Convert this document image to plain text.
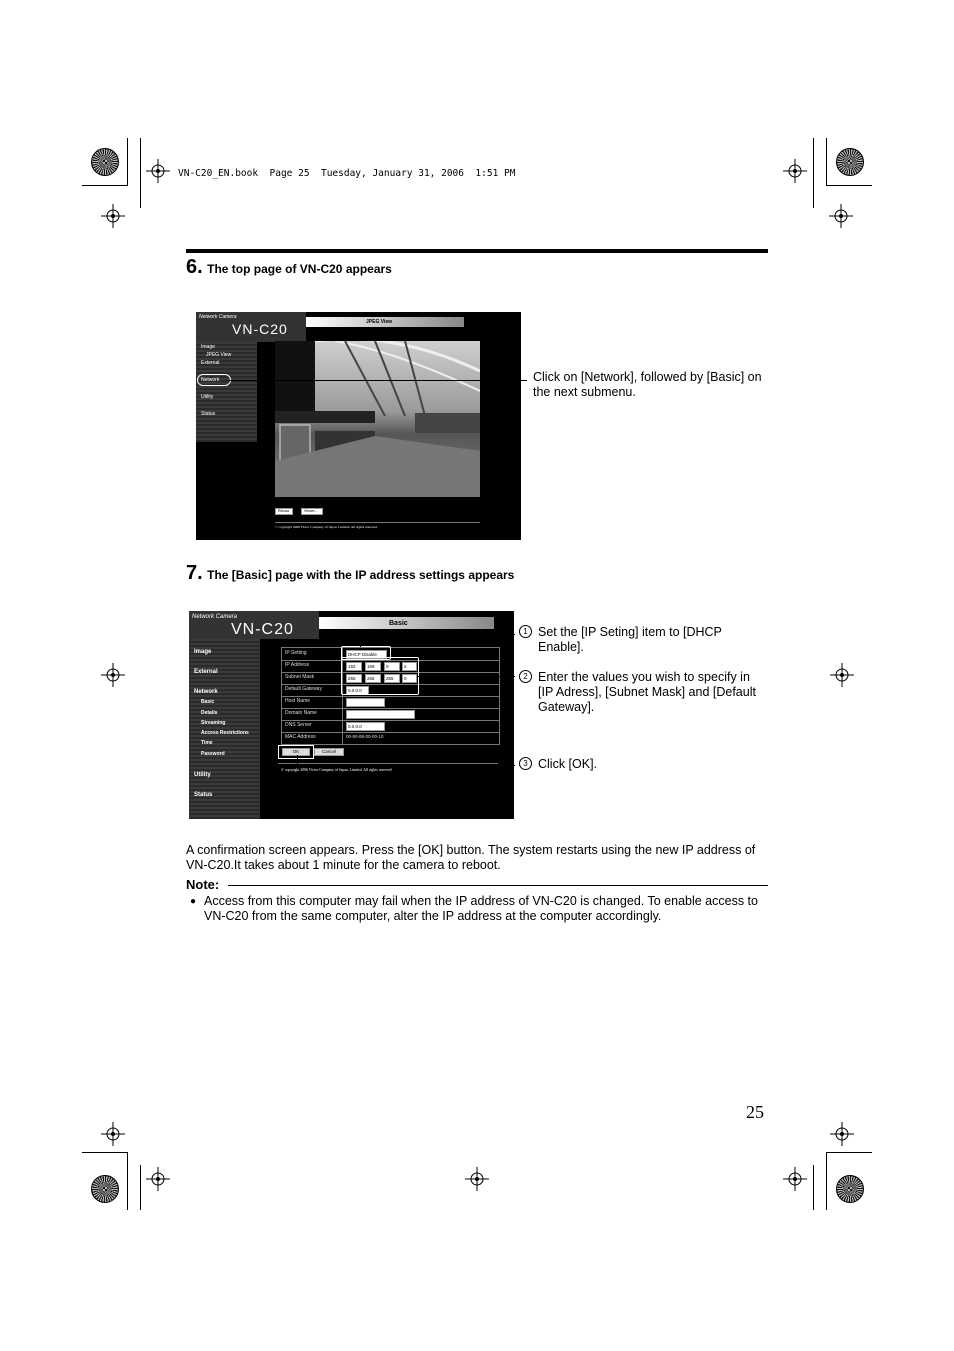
VN-C20_EN.book  Page 25  Tuesday, January 31, 2006  1:51 PM
6. The top page of VN-C20 appears
Network Camera
VN-C20	JPEG View
Image
JPEG View
External
Network
Utility
Status
Reload	Viewer...
© copyright 2006 Victor Company of Japan, Limited. All rights reserved
Click on [Network], followed by [Basic] on the next submenu.
7. The [Basic] page with the IP address settings appears
Network Camera
VN-C20	Basic
Image
External
Network
Basic
Details
Streaming
Access Restrictions
Time
Password
Utility
Status
IP Setting	DHCP Disable
IP Address	192	168	0	2
Subnet Mask	255	255	255	0
Default Gateway	0.0.0.0
Host Name
Domain Name
DNS Server	0.0.0.0
MAC Address	00-80-88-00-00-10
$^{OK}$	$^{Cancel}$
© copyright 2006 Victor Company of Japan, Limited. All rights reserved
1 Set the [IP Seting] item to [DHCP Enable].
2 Enter the values you wish to specify in [IP Adress], [Subnet Mask] and [Default Gateway].
3 Click [OK].
A confirmation screen appears. Press the [OK] button. The system restarts using the new IP address of VN-C20.It takes about 1 minute for the camera to reboot.
Note:
● Access from this computer may fail when the IP address of VN-C20 is changed. To enable access to VN-C20 from the same computer, alter the IP address at the computer accordingly.
25
